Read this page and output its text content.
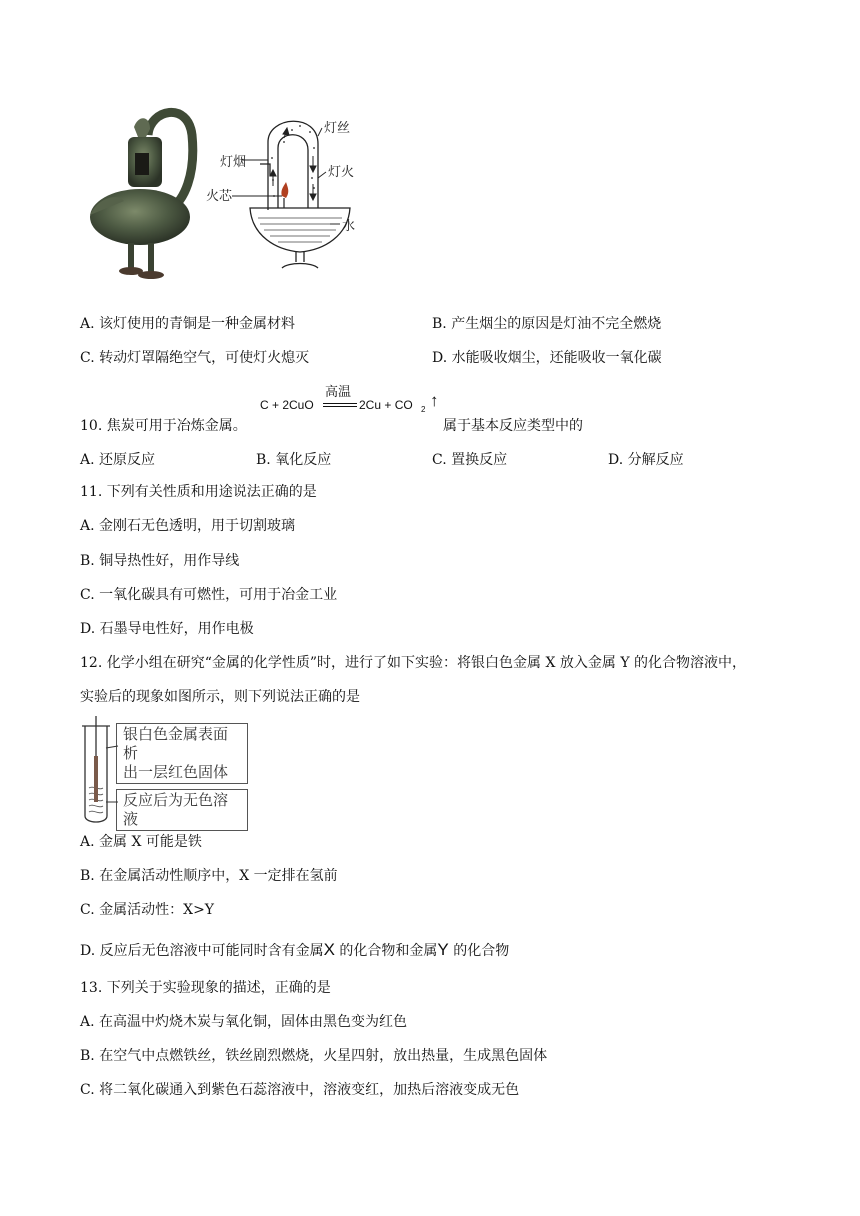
灯丝
灯烟
灯火
火芯
水
A. 该灯使用的青铜是一种金属材料	B. 产生烟尘的原因是灯油不完全燃烧
C. 转动灯罩隔绝空气，可使灯火熄灭	D. 水能吸收烟尘，还能吸收一氧化碳
C + 2CuO
高温
2Cu + CO 2 ↑
10. 焦炭可用于冶炼金属。	属于基本反应类型中的
A. 还原反应	B. 氧化反应	C. 置换反应	D. 分解反应
11. 下列有关性质和用途说法正确的是
A. 金刚石无色透明，用于切割玻璃
B. 铜导热性好，用作导线
C. 一氧化碳具有可燃性，可用于冶金工业
D. 石墨导电性好，用作电极
12. 化学小组在研究“金属的化学性质”时，进行了如下实验：将银白色金属 X 放入金属 Y 的化合物溶液中，
实验后的现象如图所示，则下列说法正确的是
银白色金属表面析
出一层红色固体
反应后为无色溶液
A. 金属 X 可能是铁
B. 在金属活动性顺序中，X 一定排在氢前
C. 金属活动性：X>Y
D. 反应后无色溶液中可能同时含有金属X 的化合物和金属Y 的化合物
13. 下列关于实验现象的描述，正确的是
A. 在高温中灼烧木炭与氧化铜，固体由黑色变为红色
B. 在空气中点燃铁丝，铁丝剧烈燃烧，火星四射，放出热量，生成黑色固体
C. 将二氧化碳通入到紫色石蕊溶液中，溶液变红，加热后溶液变成无色
